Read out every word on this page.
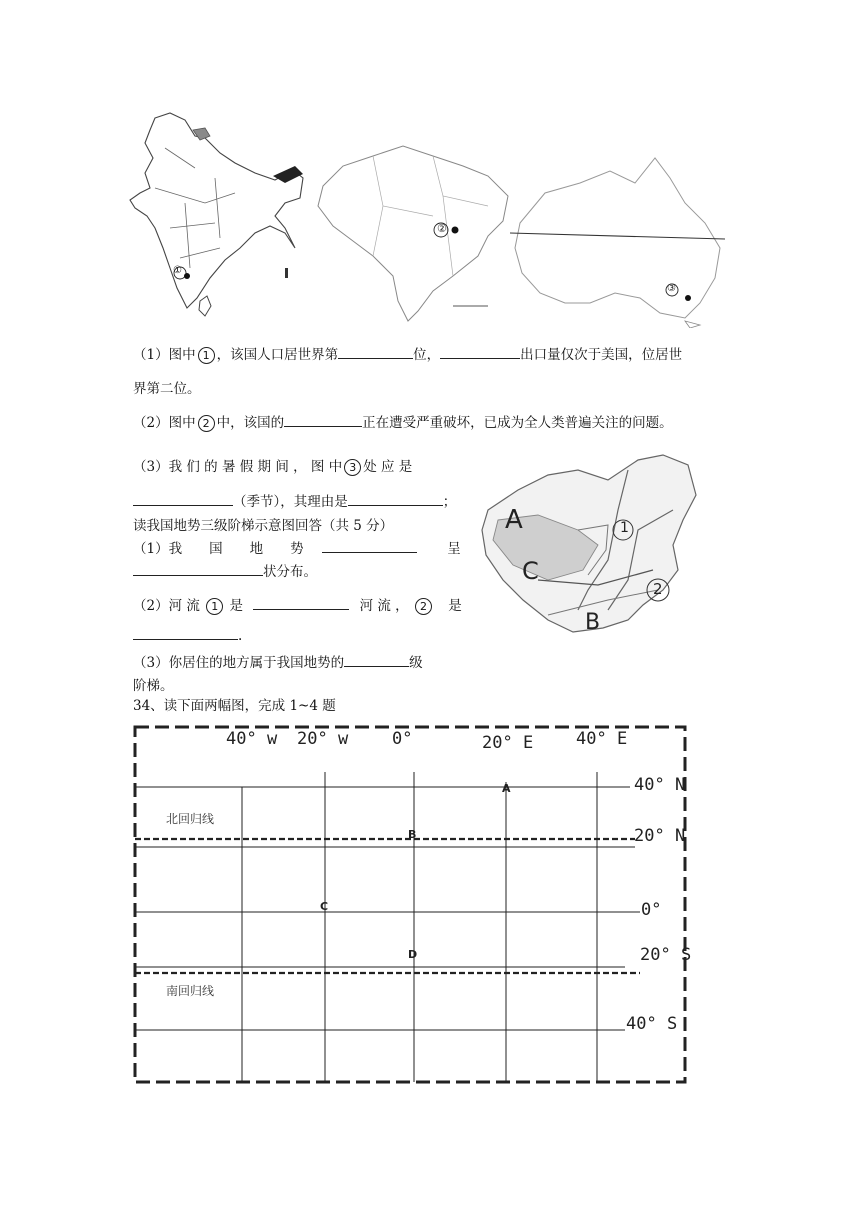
①
②
③
（1）图中 1 ，该国人口居世界第	位，	出口量仅次于美国，位居世
界第二位。
（2）图中 2 中，该国的	正在遭受严重破坏，已成为全人类普遍关注的问题。
（3）我 们 的 暑 假 期 间 ， 图 中 3 处 应 是
（季节），其理由是	；
读我国地势三级阶梯示意图回答（共 5 分）
（1）我　　国　　地　　势	呈
状分布。
（2）河 流 1 是	河 流 ， 2 是
.
（3）你居住的地方属于我国地势的	级
阶梯。
A
C
B
1
2
34、读下面两幅图，完成 1~4 题
40° w 20° w	0°	20° E	40° E
40° N
20° N
0°
20° S
40° S
北回归线
南回归线
A
B
C
D
